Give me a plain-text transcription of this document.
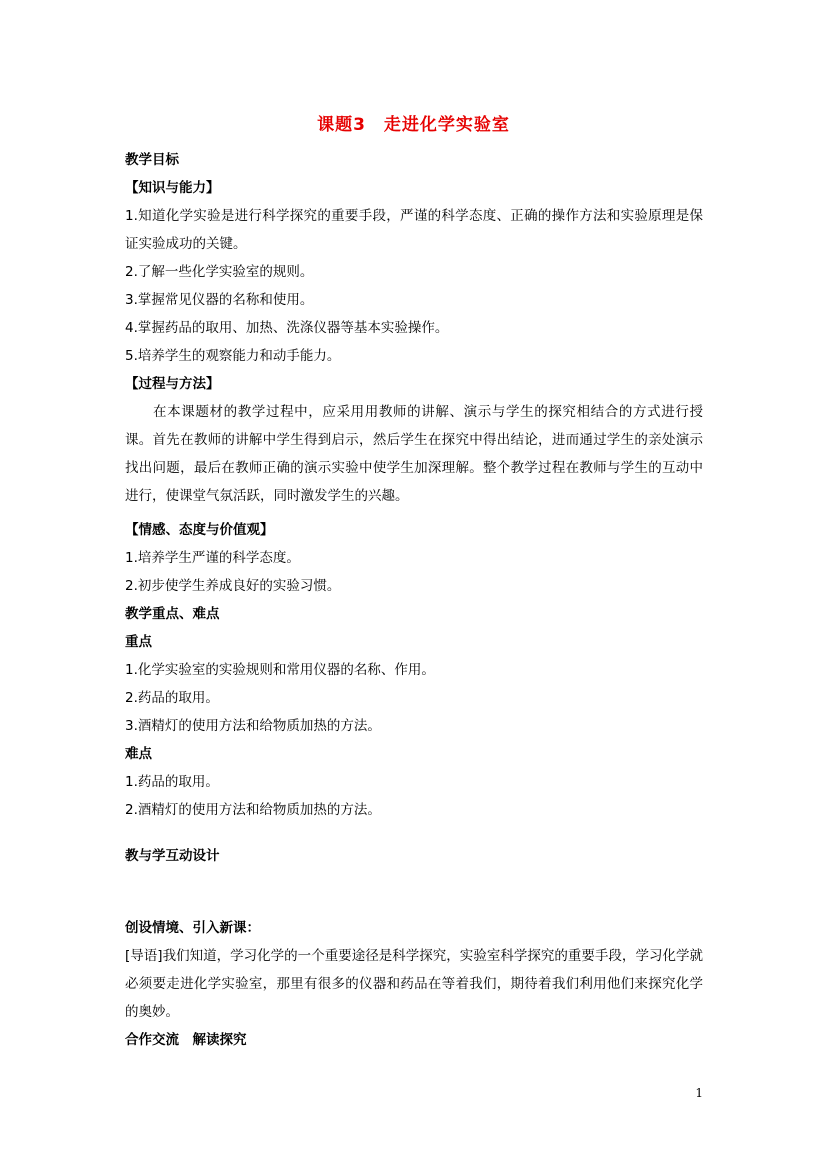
课题3　走进化学实验室
教学目标
【知识与能力】
1.知道化学实验是进行科学探究的重要手段，严谨的科学态度、正确的操作方法和实验原理是保证实验成功的关键。
2.了解一些化学实验室的规则。
3.掌握常见仪器的名称和使用。
4.掌握药品的取用、加热、洗涤仪器等基本实验操作。
5.培养学生的观察能力和动手能力。
【过程与方法】
在本课题材的教学过程中，应采用用教师的讲解、演示与学生的探究相结合的方式进行授课。首先在教师的讲解中学生得到启示，然后学生在探究中得出结论，进而通过学生的亲处演示找出问题，最后在教师正确的演示实验中使学生加深理解。整个教学过程在教师与学生的互动中进行，使课堂气氛活跃，同时激发学生的兴趣。
【情感、态度与价值观】
1.培养学生严谨的科学态度。
2.初步使学生养成良好的实验习惯。
教学重点、难点
重点
1.化学实验室的实验规则和常用仪器的名称、作用。
2.药品的取用。
3.酒精灯的使用方法和给物质加热的方法。
难点
1.药品的取用。
2.酒精灯的使用方法和给物质加热的方法。
教与学互动设计
创设情境、引入新课：
[导语]我们知道，学习化学的一个重要途径是科学探究，实验室科学探究的重要手段，学习化学就必须要走进化学实验室，那里有很多的仪器和药品在等着我们，期待着我们利用他们来探究化学的奥妙。
合作交流　解读探究
1
